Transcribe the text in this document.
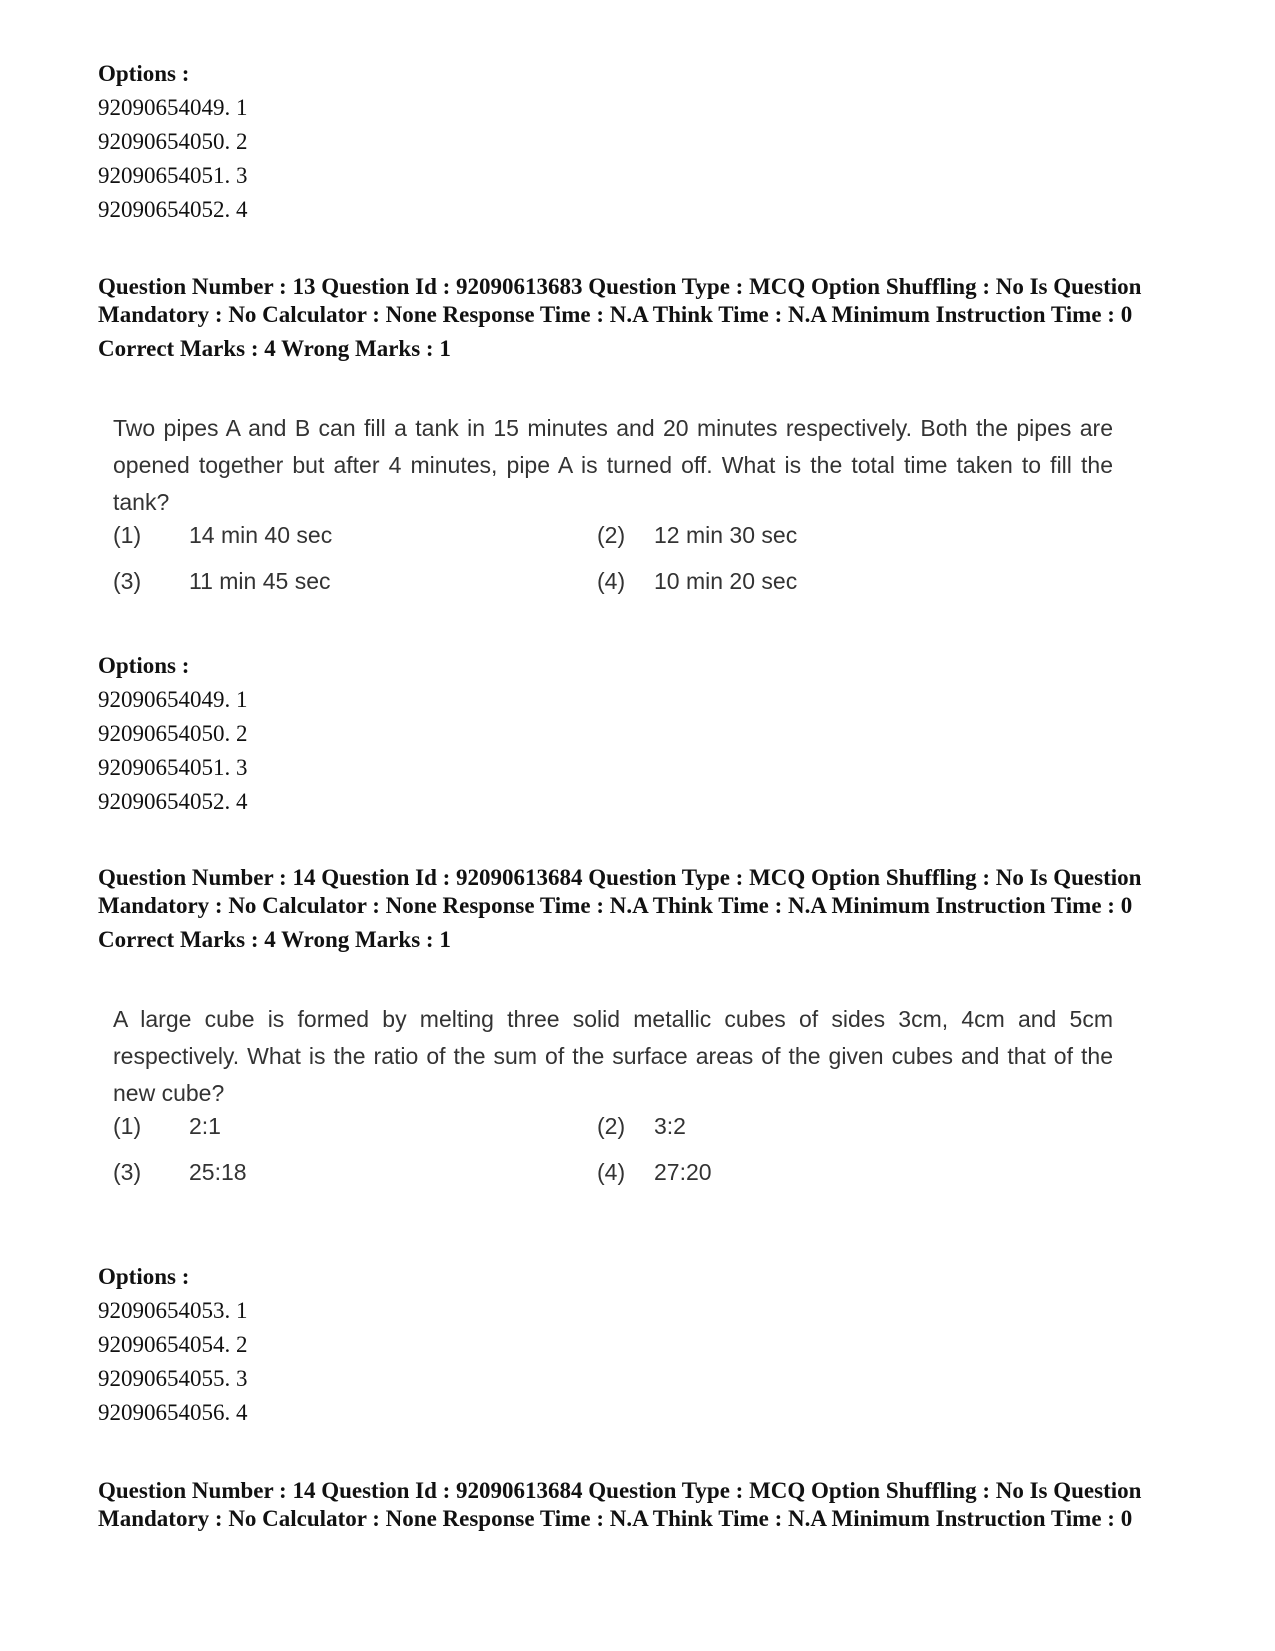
Options :
92090654049. 1
92090654050. 2
92090654051. 3
92090654052. 4
Question Number : 13 Question Id : 92090613683 Question Type : MCQ Option Shuffling : No Is Question Mandatory : No Calculator : None Response Time : N.A Think Time : N.A Minimum Instruction Time : 0
Correct Marks : 4 Wrong Marks : 1
Two pipes A and B can fill a tank in 15 minutes and 20 minutes respectively. Both the pipes are opened together but after 4 minutes, pipe A is turned off. What is the total time taken to fill the tank?
(1) 14 min 40 sec	(2) 12 min 30 sec
(3) 11 min 45 sec	(4) 10 min 20 sec
Options :
92090654049. 1
92090654050. 2
92090654051. 3
92090654052. 4
Question Number : 14 Question Id : 92090613684 Question Type : MCQ Option Shuffling : No Is Question Mandatory : No Calculator : None Response Time : N.A Think Time : N.A Minimum Instruction Time : 0
Correct Marks : 4 Wrong Marks : 1
A large cube is formed by melting three solid metallic cubes of sides 3cm, 4cm and 5cm respectively. What is the ratio of the sum of the surface areas of the given cubes and that of the new cube?
(1) 2:1	(2) 3:2
(3) 25:18	(4) 27:20
Options :
92090654053. 1
92090654054. 2
92090654055. 3
92090654056. 4
Question Number : 14 Question Id : 92090613684 Question Type : MCQ Option Shuffling : No Is Question Mandatory : No Calculator : None Response Time : N.A Think Time : N.A Minimum Instruction Time : 0
